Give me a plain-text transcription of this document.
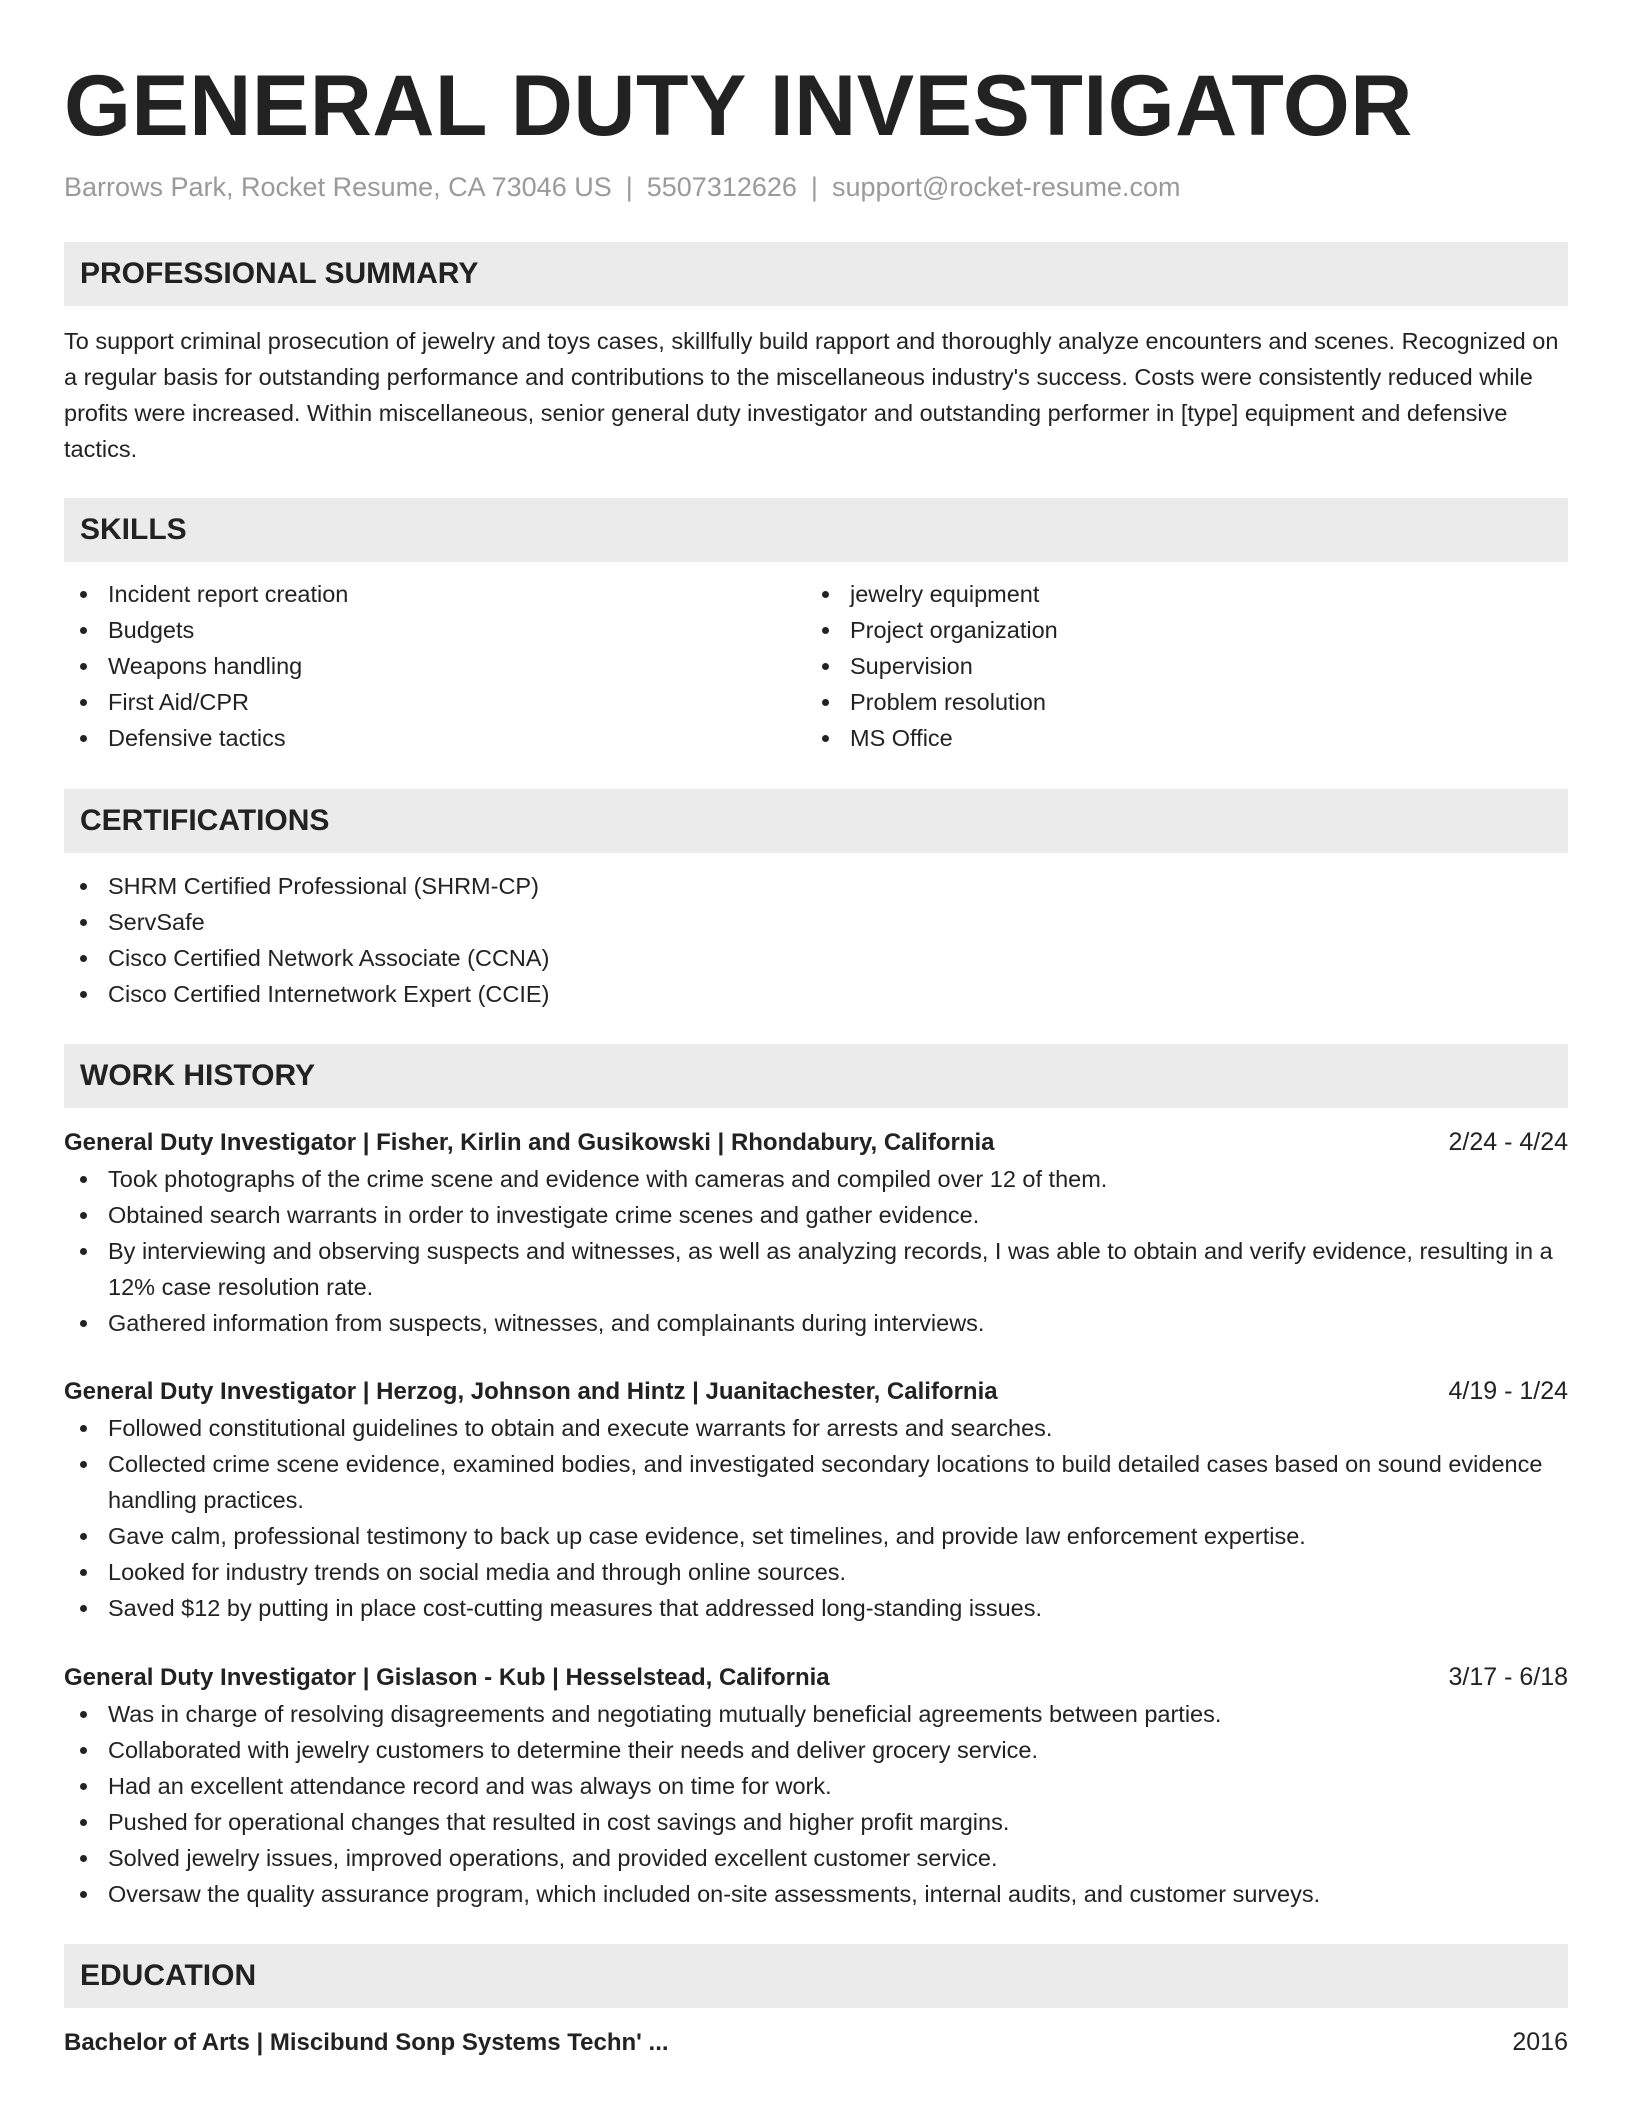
GENERAL DUTY INVESTIGATOR
Barrows Park, Rocket Resume, CA 73046 US | 5507312626 | support@rocket-resume.com
PROFESSIONAL SUMMARY
To support criminal prosecution of jewelry and toys cases, skillfully build rapport and thoroughly analyze encounters and scenes. Recognized on a regular basis for outstanding performance and contributions to the miscellaneous industry's success. Costs were consistently reduced while profits were increased. Within miscellaneous, senior general duty investigator and outstanding performer in [type] equipment and defensive tactics.
SKILLS
Incident report creation
Budgets
Weapons handling
First Aid/CPR
Defensive tactics
jewelry equipment
Project organization
Supervision
Problem resolution
MS Office
CERTIFICATIONS
SHRM Certified Professional (SHRM-CP)
ServSafe
Cisco Certified Network Associate (CCNA)
Cisco Certified Internetwork Expert (CCIE)
WORK HISTORY
General Duty Investigator | Fisher, Kirlin and Gusikowski | Rhondabury, California	2/24 - 4/24
Took photographs of the crime scene and evidence with cameras and compiled over 12 of them.
Obtained search warrants in order to investigate crime scenes and gather evidence.
By interviewing and observing suspects and witnesses, as well as analyzing records, I was able to obtain and verify evidence, resulting in a 12% case resolution rate.
Gathered information from suspects, witnesses, and complainants during interviews.
General Duty Investigator | Herzog, Johnson and Hintz | Juanitachester, California	4/19 - 1/24
Followed constitutional guidelines to obtain and execute warrants for arrests and searches.
Collected crime scene evidence, examined bodies, and investigated secondary locations to build detailed cases based on sound evidence handling practices.
Gave calm, professional testimony to back up case evidence, set timelines, and provide law enforcement expertise.
Looked for industry trends on social media and through online sources.
Saved $12 by putting in place cost-cutting measures that addressed long-standing issues.
General Duty Investigator | Gislason - Kub | Hesselstead, California	3/17 - 6/18
Was in charge of resolving disagreements and negotiating mutually beneficial agreements between parties.
Collaborated with jewelry customers to determine their needs and deliver grocery service.
Had an excellent attendance record and was always on time for work.
Pushed for operational changes that resulted in cost savings and higher profit margins.
Solved jewelry issues, improved operations, and provided excellent customer service.
Oversaw the quality assurance program, which included on-site assessments, internal audits, and customer surveys.
EDUCATION
Bachelor of Arts | Miscibund Sonp Systems Techn' ...	2016
